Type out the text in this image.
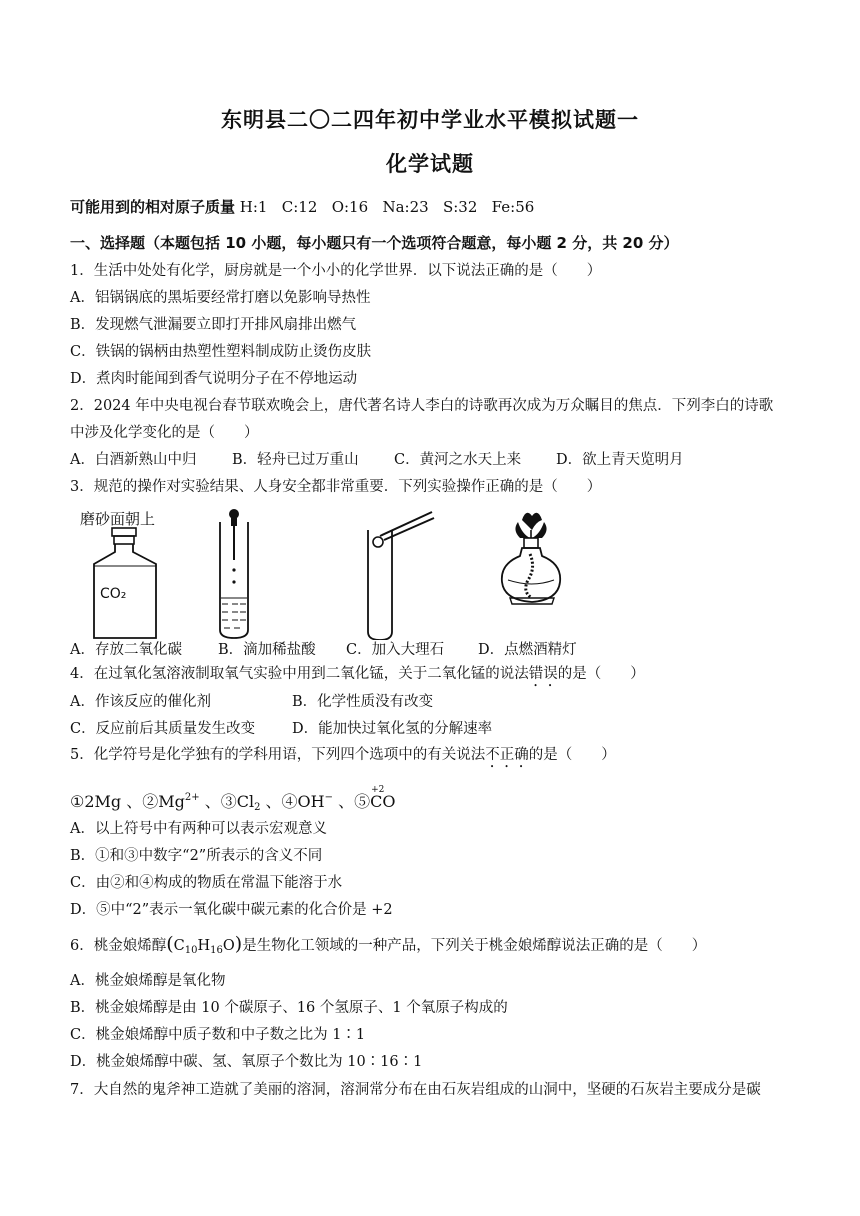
东明县二〇二四年初中学业水平模拟试题一
化学试题
可能用到的相对原子质量 H:1   C:12   O:16   Na:23   S:32   Fe:56
一、选择题（本题包括 10 小题，每小题只有一个选项符合题意，每小题 2 分，共 20 分）
1．生活中处处有化学，厨房就是一个小小的化学世界．以下说法正确的是（　　）
A．铝锅锅底的黑垢要经常打磨以免影响导热性
B．发现燃气泄漏要立即打开排风扇排出燃气
C．铁锅的锅柄由热塑性塑料制成防止烫伤皮肤
D．煮肉时能闻到香气说明分子在不停地运动
2．2024 年中央电视台春节联欢晚会上，唐代著名诗人李白的诗歌再次成为万众瞩目的焦点．下列李白的诗歌
中涉及化学变化的是（　　）
A．白酒新熟山中归 B．轻舟已过万重山 C．黄河之水天上来 D．欲上青天览明月
3．规范的操作对实验结果、人身安全都非常重要．下列实验操作正确的是（　　）
磨砂面朝上
CO₂
A．存放二氧化碳 B．滴加稀盐酸 C．加入大理石 D．点燃酒精灯
4．在过氧化氢溶液制取氧气实验中用到二氧化锰，关于二氧化锰的说法错误的是（　　）
A．作该反应的催化剂	B．化学性质没有改变
C．反应前后其质量发生改变	D．能加快过氧化氢的分解速率
5．化学符号是化学独有的学科用语，下列四个选项中的有关说法不正确的是（　　）
①2Mg 、$②Mg^{2+}$ 、$③Cl_2$ 、④OH− 、⑤
+2
CO
A．以上符号中有两种可以表示宏观意义
B．①和③中数字“2”所表示的含义不同
C．由②和④构成的物质在常温下能溶于水
D．⑤中“2”表示一氧化碳中碳元素的化合价是 +2
6．桃金娘烯醇$(C_{10}H_{16}O)$是生物化工领域的一种产品，下列关于桃金娘烯醇说法正确的是（　　）
A．桃金娘烯醇是氧化物
B．桃金娘烯醇是由 10 个碳原子、16 个氢原子、1 个氧原子构成的
C．桃金娘烯醇中质子数和中子数之比为 1∶1
D．桃金娘烯醇中碳、氢、氧原子个数比为 10∶16∶1
7．大自然的鬼斧神工造就了美丽的溶洞，溶洞常分布在由石灰岩组成的山洞中，坚硬的石灰岩主要成分是碳
